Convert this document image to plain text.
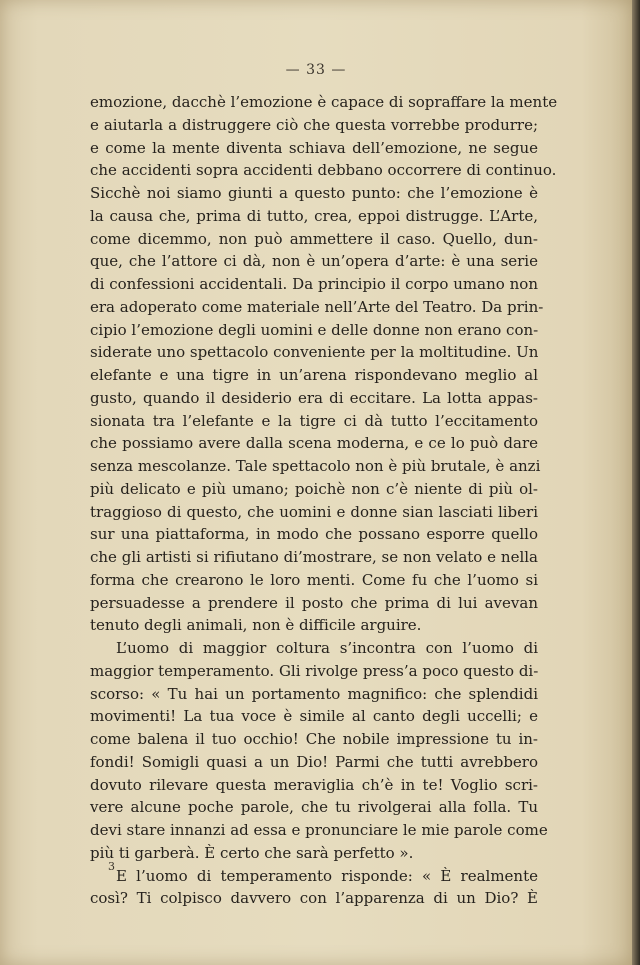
— 33 —
emozione, dacchè l’emozione è capace di sopraffare la mente
e aiutarla a distruggere ciò che questa vorrebbe produrre;
e come la mente diventa schiava dell’emozione, ne segue
che accidenti sopra accidenti debbano occorrere di continuo.
Sicchè noi siamo giunti a questo punto: che l’emozione è
la causa che, prima di tutto, crea, eppoi distrugge. L’Arte,
come dicemmo, non può ammettere il caso. Quello, dun-
que, che l’attore ci dà, non è un’opera d’arte: è una serie
di confessioni accidentali. Da principio il corpo umano non
era adoperato come materiale nell’Arte del Teatro. Da prin-
cipio l’emozione degli uomini e delle donne non erano con-
siderate uno spettacolo conveniente per la moltitudine. Un
elefante e una tigre in un’arena rispondevano meglio al
gusto, quando il desiderio era di eccitare. La lotta appas-
sionata tra l’elefante e la tigre ci dà tutto l’eccitamento
che possiamo avere dalla scena moderna, e ce lo può dare
senza mescolanze. Tale spettacolo non è più brutale, è anzi
più delicato e più umano; poichè non c’è niente di più ol-
traggioso di questo, che uomini e donne sian lasciati liberi
sur una piattaforma, in modo che possano esporre quello
che gli artisti si rifiutano di’mostrare, se non velato e nella
forma che crearono le loro menti. Come fu che l’uomo si
persuadesse a prendere il posto che prima di lui avevan
tenuto degli animali, non è difficile arguire.
L’uomo di maggior coltura s’incontra con l’uomo di
maggior temperamento. Gli rivolge press’a poco questo di-
scorso: « Tu hai un portamento magnifico: che splendidi
movimenti! La tua voce è simile al canto degli uccelli; e
come balena il tuo occhio! Che nobile impressione tu in-
fondi! Somigli quasi a un Dio! Parmi che tutti avrebbero
dovuto rilevare questa meraviglia ch’è in te! Voglio scri-
vere alcune poche parole, che tu rivolgerai alla folla. Tu
devi stare innanzi ad essa e pronunciare le mie parole come
più ti garberà. È certo che sarà perfetto ».
E l’uomo di temperamento risponde: « È realmente
così? Ti colpisco davvero con l’apparenza di un Dio? È
3
